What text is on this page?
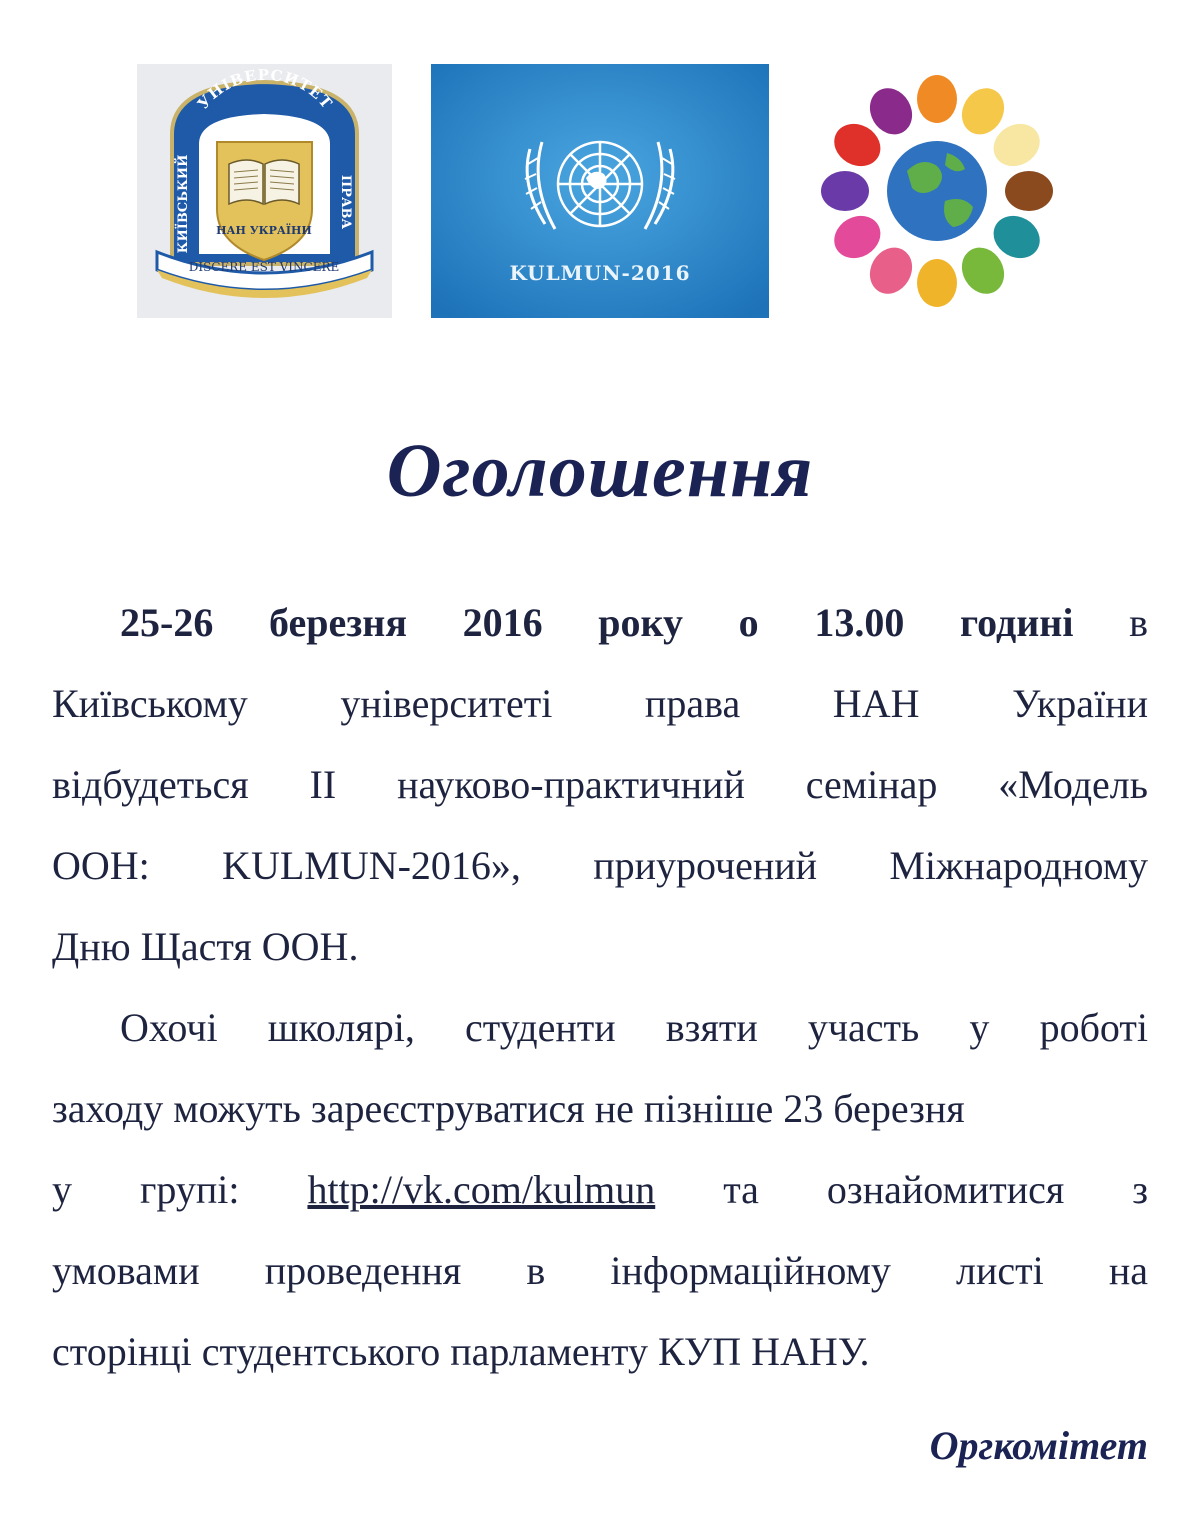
УНІВЕРСИТЕТ
КИЇВСЬКИЙ
ПРАВА
НАН УКРАЇНИ
DISCERE EST VINCERE	KULMUN-2016
Оголошення

25-26 березня 2016 року о 13.00 годині в

Київському університеті права НАН України
відбудеться ІІ науково-практичний семінар «Модель
ООН: KULMUN-2016», приурочений Міжнародному
Дню Щастя ООН.

Охочі школярі, студенти взяти участь у роботі

заходу можуть зареєструватися не пізніше 23 березня
у групі: http://vk.com/kulmun та ознайомитися з
умовами проведення в інформаційному листі на
сторінці студентського парламенту КУП НАНУ.
Оргкомітет
